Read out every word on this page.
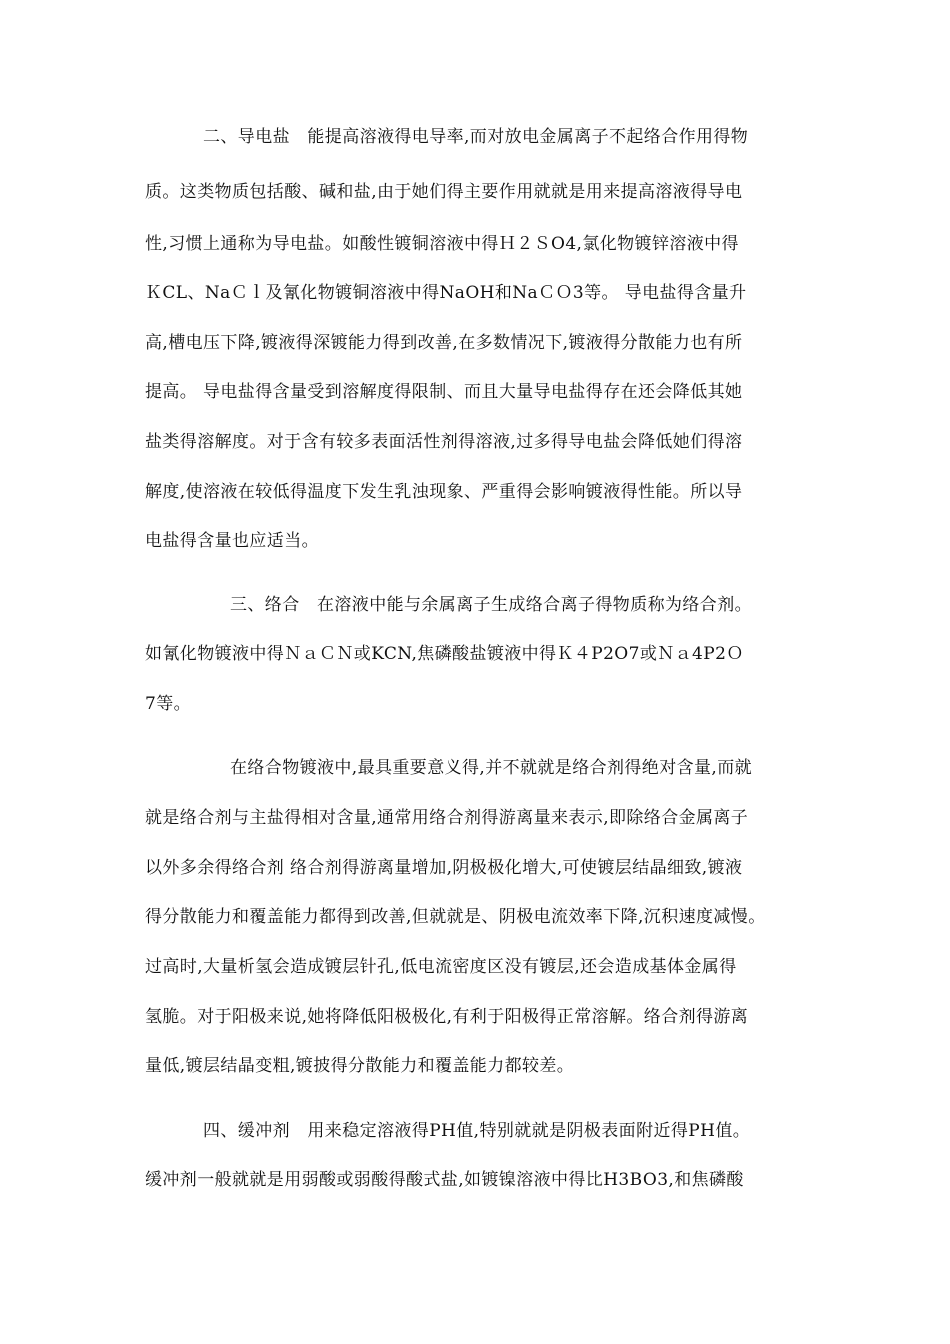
二、导电盐　能提高溶液得电导率,而对放电金属离子不起络合作用得物
质。这类物质包括酸、碱和盐,由于她们得主要作用就就是用来提高溶液得导电
性,习惯上通称为导电盐。如酸性镀铜溶液中得Ｈ２ＳO4,氯化物镀锌溶液中得
ＫCL、NaＣｌ及氰化物镀铜溶液中得NaOH和NaＣＯ3等。 导电盐得含量升
高,槽电压下降,镀液得深镀能力得到改善,在多数情况下,镀液得分散能力也有所
提高。 导电盐得含量受到溶解度得限制、而且大量导电盐得存在还会降低其她
盐类得溶解度。对于含有较多表面活性剂得溶液,过多得导电盐会降低她们得溶
解度,使溶液在较低得温度下发生乳浊现象、严重得会影响镀液得性能。所以导
电盐得含量也应适当。
三、络合　在溶液中能与余属离子生成络合离子得物质称为络合剂。
如氰化物镀液中得ＮａＣＮ或KCN,焦磷酸盐镀液中得Ｋ４P2O7或Ｎａ4P2Ｏ
7等。
在络合物镀液中,最具重要意义得,并不就就是络合剂得绝对含量,而就
就是络合剂与主盐得相对含量,通常用络合剂得游离量来表示,即除络合金属离子
以外多余得络合剂 络合剂得游离量增加,阴极极化增大,可使镀层结晶细致,镀液
得分散能力和覆盖能力都得到改善,但就就是、阴极电流效率下降,沉积速度减慢。
过高时,大量析氢会造成镀层针孔,低电流密度区没有镀层,还会造成基体金属得
氢脆。对于阳极来说,她将降低阳极极化,有利于阳极得正常溶解。络合剂得游离
量低,镀层结晶变粗,镀披得分散能力和覆盖能力都较差。
四、缓冲剂　用来稳定溶液得PH值,特别就就是阴极表面附近得PH值。
缓冲剂一般就就是用弱酸或弱酸得酸式盐,如镀镍溶液中得比H3BO3,和焦磷酸
